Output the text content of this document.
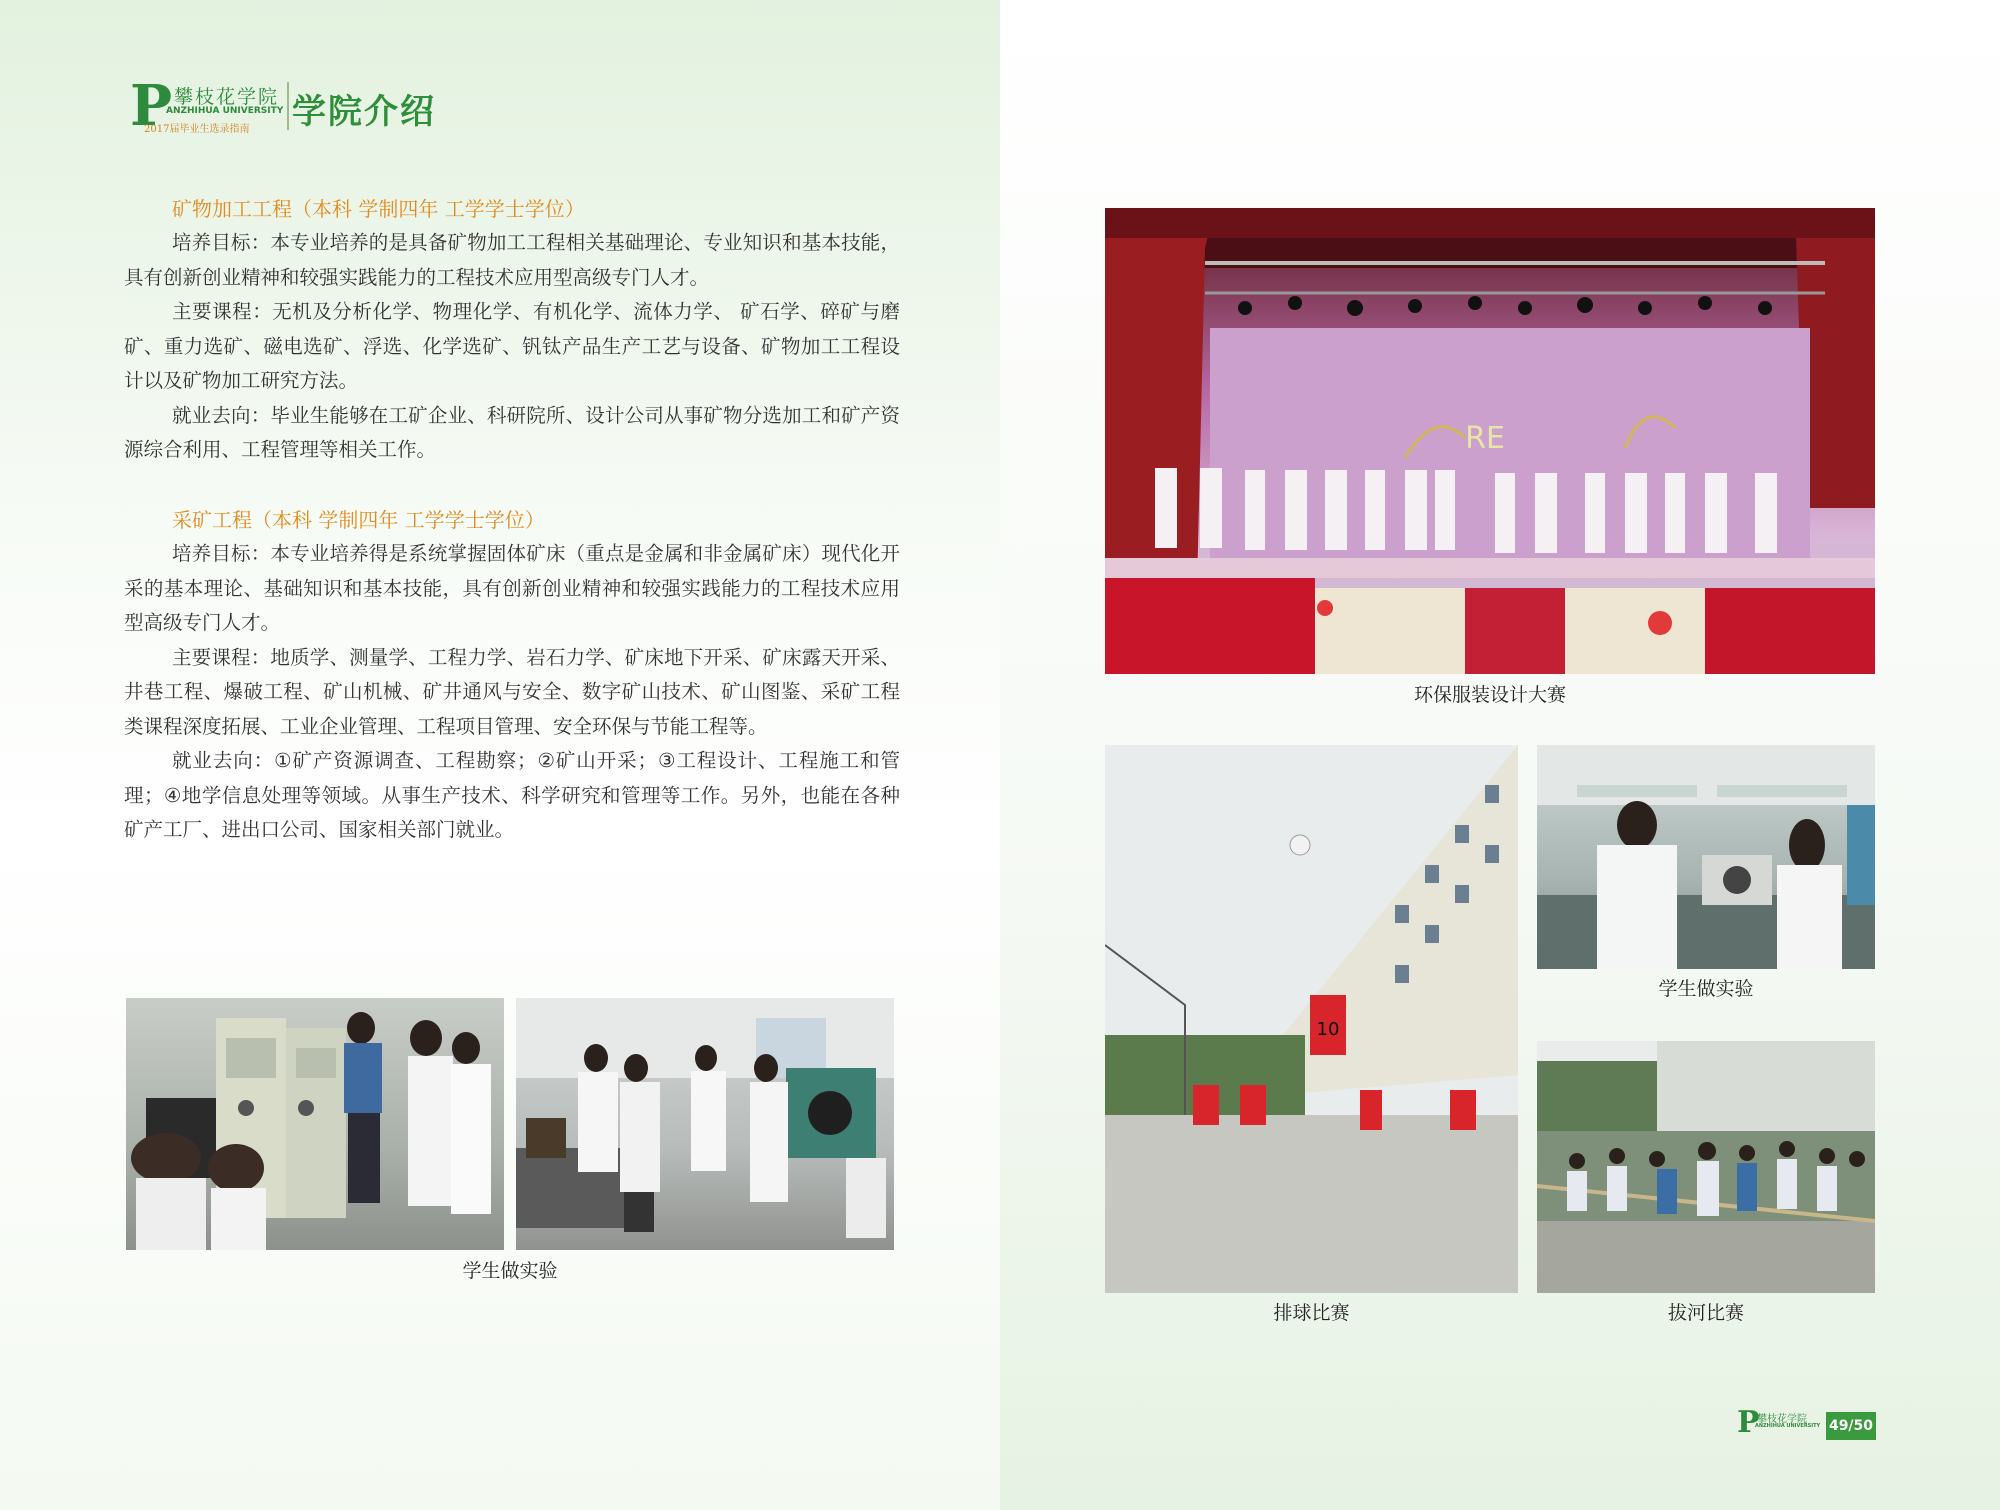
P 攀枝花学院
ANZHIHUA UNIVERSITY
2017届毕业生选录指南 学院介绍
矿物加工工程（本科 学制四年 工学学士学位）

培养目标：本专业培养的是具备矿物加工工程相关基础理论、专业知识和基本技能，具有创新创业精神和较强实践能力的工程技术应用型高级专门人才。

主要课程：无机及分析化学、物理化学、有机化学、流体力学、 矿石学、碎矿与磨矿、重力选矿、磁电选矿、浮选、化学选矿、钒钛产品生产工艺与设备、矿物加工工程设计以及矿物加工研究方法。

就业去向：毕业生能够在工矿企业、科研院所、设计公司从事矿物分选加工和矿产资源综合利用、工程管理等相关工作。

采矿工程（本科 学制四年 工学学士学位）

培养目标：本专业培养得是系统掌握固体矿床（重点是金属和非金属矿床）现代化开采的基本理论、基础知识和基本技能，具有创新创业精神和较强实践能力的工程技术应用型高级专门人才。

主要课程：地质学、测量学、工程力学、岩石力学、矿床地下开采、矿床露天开采、井巷工程、爆破工程、矿山机械、矿井通风与安全、数字矿山技术、矿山图鉴、采矿工程类课程深度拓展、工业企业管理、工程项目管理、安全环保与节能工程等。

就业去向：①矿产资源调查、工程勘察；②矿山开采；③工程设计、工程施工和管理；④地学信息处理等领域。从事生产技术、科学研究和管理等工作。另外，也能在各种矿产工厂、进出口公司、国家相关部门就业。

学生做实验
RE
环保服装设计大赛
10
排球比赛
学生做实验
拔河比赛
P
攀枝花学院
ANZHIHUA UNIVERSITY 49/50
